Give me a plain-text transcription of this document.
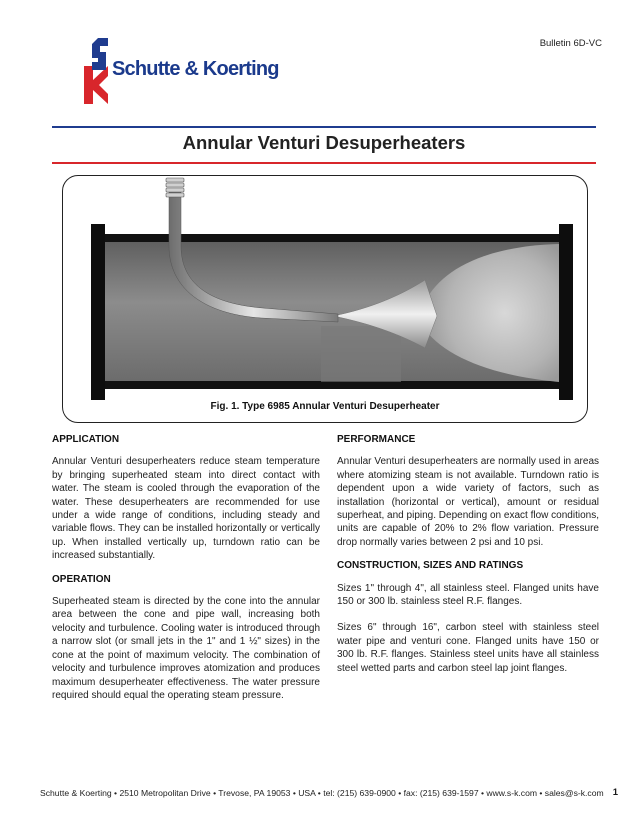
Bulletin 6D-VC
Schutte & Koerting
Annular Venturi Desuperheaters
Fig. 1. Type 6985 Annular Venturi Desuperheater

APPLICATION

Annular Venturi desuperheaters reduce steam temperature by bringing superheated steam into direct contact with water. The steam is cooled through the evaporation of the water. These desuperheaters are recommended for use under a wide range of conditions, including steady and variable flows. They can be installed horizontally or vertically up. When installed vertically up, turndown ratio can be increased substantially.

OPERATION

Superheated steam is directed by the cone into the annular area between the cone and pipe wall, increasing both velocity and turbulence. Cooling water is introduced through a narrow slot (or small jets in the 1" and 1 ½" sizes) in the cone at the point of maximum velocity. The combination of velocity and turbulence improves atomization and produces maximum desuperheater effectiveness. The water pressure required should equal the operating steam pressure.

PERFORMANCE

Annular Venturi desuperheaters are normally used in areas where atomizing steam is not available. Turndown ratio is dependent upon a wide variety of factors, such as installation (horizontal or vertical), amount or residual superheat, and piping. Depending on exact flow conditions, units are capable of 20% to 2% flow variation. Pressure drop normally varies between 2 psi and 10 psi.

CONSTRUCTION, SIZES AND RATINGS

Sizes 1" through 4", all stainless steel. Flanged units have 150 or 300 lb. stainless steel R.F. flanges.

Sizes 6" through 16", carbon steel with stainless steel water pipe and venturi cone. Flanged units have 150 or 300 lb. R.F. flanges. Stainless steel units have all stainless steel wetted parts and carbon steel lap joint flanges.

Schutte & Koerting • 2510 Metropolitan Drive • Trevose, PA 19053 • USA • tel: (215) 639-0900 • fax: (215) 639-1597 • www.s-k.com • sales@s-k.com 1
